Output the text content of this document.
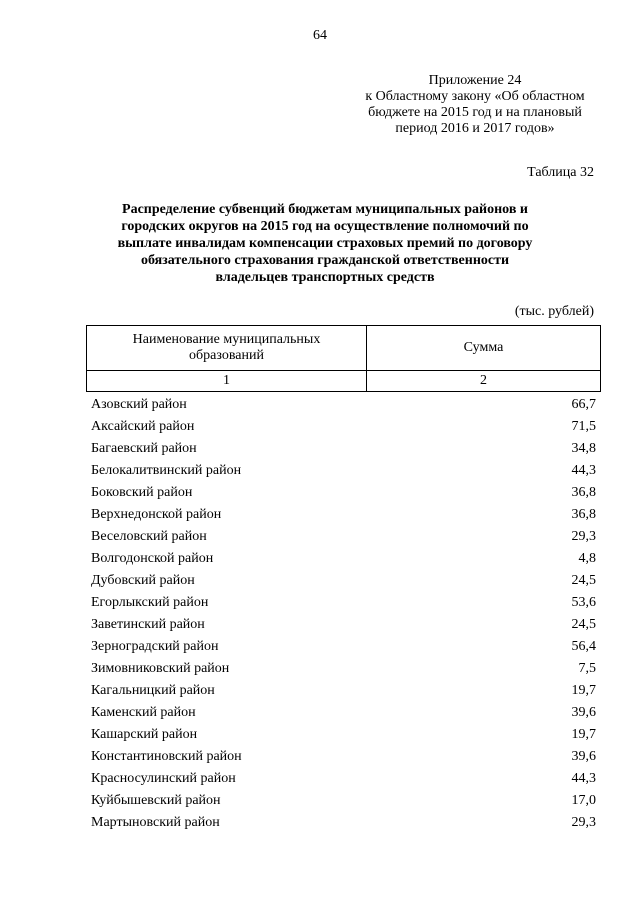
64
Приложение 24
к Областному закону «Об областном
бюджете на 2015 год и на плановый
период 2016 и 2017 годов»
Таблица 32
Распределение субвенций бюджетам муниципальных районов и
городских округов на 2015 год на осуществление полномочий по
выплате инвалидам компенсации страховых премий по договору
обязательного страхования гражданской ответственности
владельцев транспортных средств
(тыс. рублей)
Наименование муниципальных образований	Сумма
1	2
Азовский район	66,7
Аксайский район	71,5
Багаевский район	34,8
Белокалитвинский район	44,3
Боковский район	36,8
Верхнедонской район	36,8
Веселовский район	29,3
Волгодонской район	4,8
Дубовский район	24,5
Егорлыкский район	53,6
Заветинский район	24,5
Зерноградский район	56,4
Зимовниковский район	7,5
Кагальницкий район	19,7
Каменский район	39,6
Кашарский район	19,7
Константиновский район	39,6
Красносулинский район	44,3
Куйбышевский район	17,0
Мартыновский район	29,3
